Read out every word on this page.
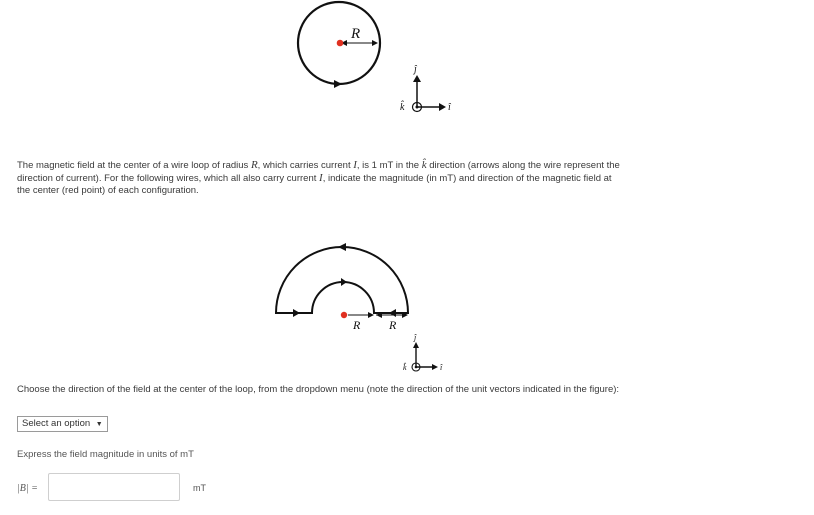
R
ĵ
k̂	î
The magnetic field at the center of a wire loop of radius R, which carries current I, is 1 mT in the k̂ direction (arrows along the wire represent the
direction of current). For the following wires, which all also carry current I, indicate the magnitude (in mT) and direction of the magnetic field at
the center (red point) of each configuration.
R R
ĵ
k̂	î
Choose the direction of the field at the center of the loop, from the dropdown menu (note the direction of the unit vectors indicated in the figure):
Select an option ▼
Express the field magnitude in units of mT
|B| =	mT
